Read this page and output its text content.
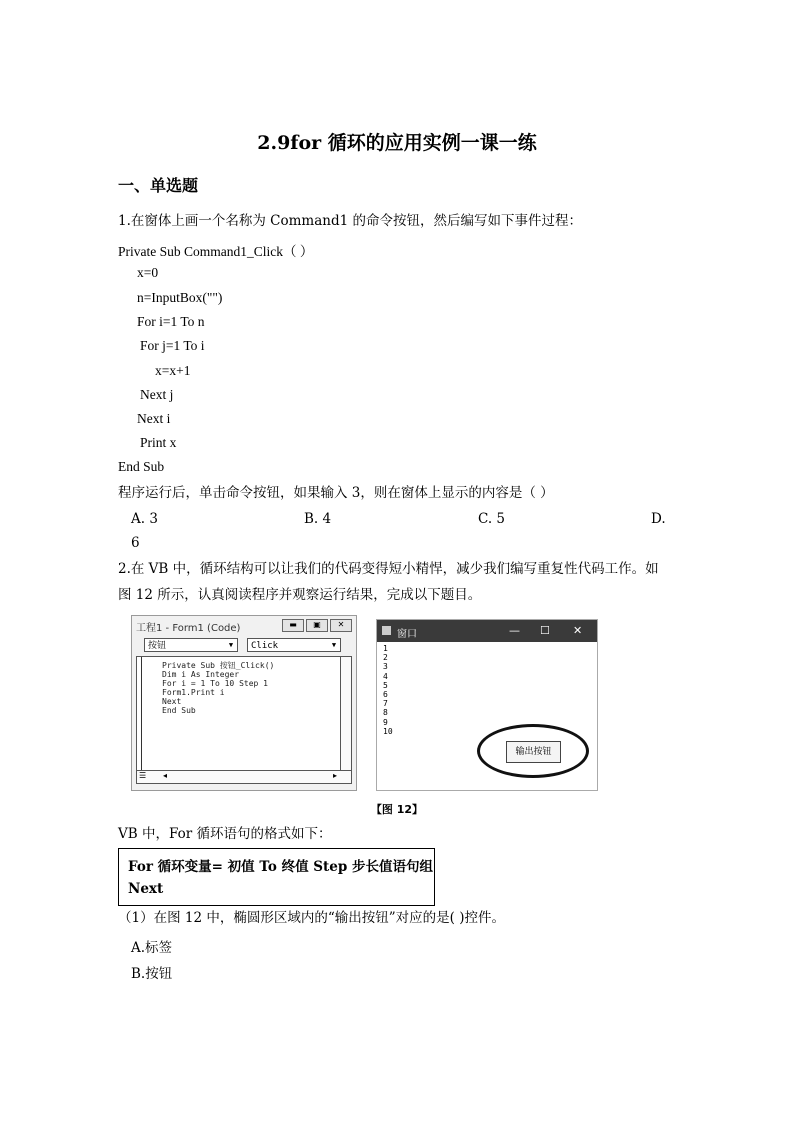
2.9for 循环的应用实例一课一练
一、单选题
1.在窗体上画一个名称为 Command1 的命令按钮，然后编写如下事件过程：
Private Sub Command1_Click（ ）
x=0
n=InputBox("")
For i=1 To n
For j=1 To i
x=x+1
Next j
Next i
Print x
End Sub
程序运行后，单击命令按钮，如果输入 3，则在窗体上显示的内容是（ ）
A. 3	B. 4	C. 5	D.
6
2.在 VB 中，循环结构可以让我们的代码变得短小精悍，减少我们编写重复性代码工作。如
图 12 所示，认真阅读程序并观察运行结果，完成以下题目。
工程1 - Form1 (Code)	▬	▣	✕
按钮	▼	Click	▼
Private Sub 按钮_Click()
Dim i As Integer
For i = 1 To 10 Step 1
Form1.Print i
Next
End Sub
☰ ◂	▸
窗口	— ☐ ✕
1
2
3
4
5
6
7
8
9
10
输出按钮
【图 12】
VB 中，For 循环语句的格式如下：
For 循环变量= 初值 To 终值 Step 步长值语句组
Next
（1）在图 12 中，椭圆形区域内的“输出按钮”对应的是( )控件。
A.标签
B.按钮
